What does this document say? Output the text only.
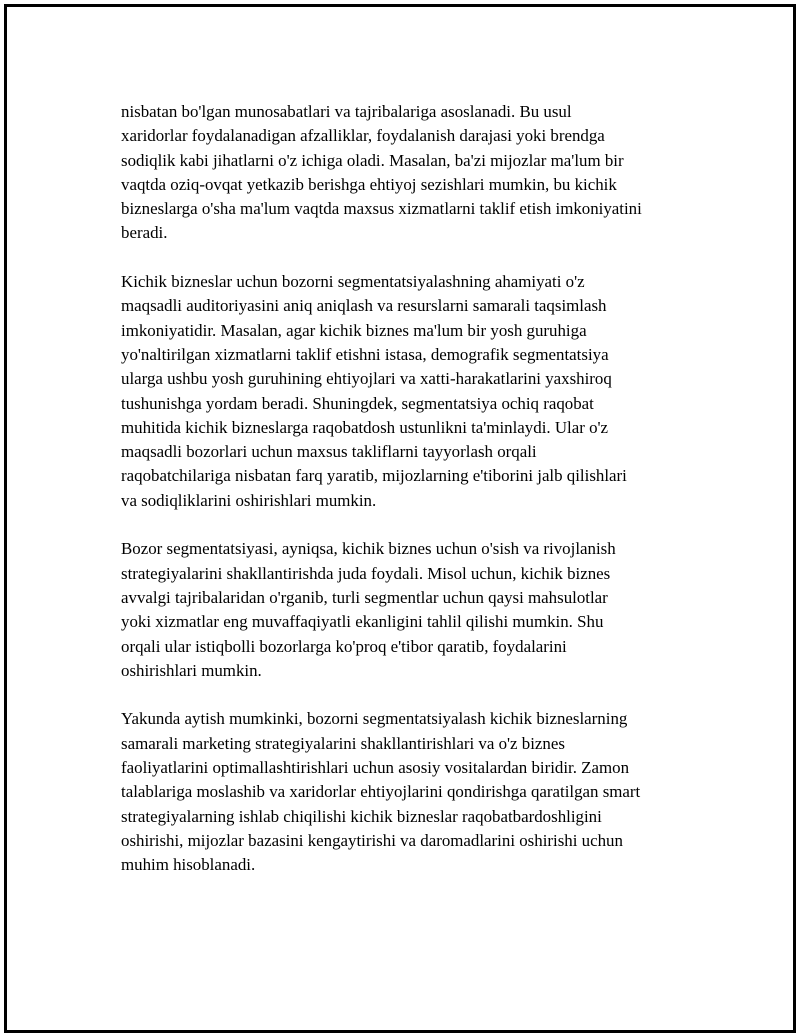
nisbatan bo'lgan munosabatlari va tajribalariga asoslanadi. Bu usul
xaridorlar foydalanadigan afzalliklar, foydalanish darajasi yoki brendga
sodiqlik kabi jihatlarni o'z ichiga oladi. Masalan, ba'zi mijozlar ma'lum bir
vaqtda oziq-ovqat yetkazib berishga ehtiyoj sezishlari mumkin, bu kichik
bizneslarga o'sha ma'lum vaqtda maxsus xizmatlarni taklif etish imkoniyatini
beradi.

Kichik bizneslar uchun bozorni segmentatsiyalashning ahamiyati o'z
maqsadli auditoriyasini aniq aniqlash va resurslarni samarali taqsimlash
imkoniyatidir. Masalan, agar kichik biznes ma'lum bir yosh guruhiga
yo'naltirilgan xizmatlarni taklif etishni istasa, demografik segmentatsiya
ularga ushbu yosh guruhining ehtiyojlari va xatti-harakatlarini yaxshiroq
tushunishga yordam beradi. Shuningdek, segmentatsiya ochiq raqobat
muhitida kichik bizneslarga raqobatdosh ustunlikni ta'minlaydi. Ular o'z
maqsadli bozorlari uchun maxsus takliflarni tayyorlash orqali
raqobatchilariga nisbatan farq yaratib, mijozlarning e'tiborini jalb qilishlari
va sodiqliklarini oshirishlari mumkin.

Bozor segmentatsiyasi, ayniqsa, kichik biznes uchun o'sish va rivojlanish
strategiyalarini shakllantirishda juda foydali. Misol uchun, kichik biznes
avvalgi tajribalaridan o'rganib, turli segmentlar uchun qaysi mahsulotlar
yoki xizmatlar eng muvaffaqiyatli ekanligini tahlil qilishi mumkin. Shu
orqali ular istiqbolli bozorlarga ko'proq e'tibor qaratib, foydalarini
oshirishlari mumkin.

Yakunda aytish mumkinki, bozorni segmentatsiyalash kichik bizneslarning
samarali marketing strategiyalarini shakllantirishlari va o'z biznes
faoliyatlarini optimallashtirishlari uchun asosiy vositalardan biridir. Zamon
talablariga moslashib va xaridorlar ehtiyojlarini qondirishga qaratilgan smart
strategiyalarning ishlab chiqilishi kichik bizneslar raqobatbardoshligini
oshirishi, mijozlar bazasini kengaytirishi va daromadlarini oshirishi uchun
muhim hisoblanadi.
